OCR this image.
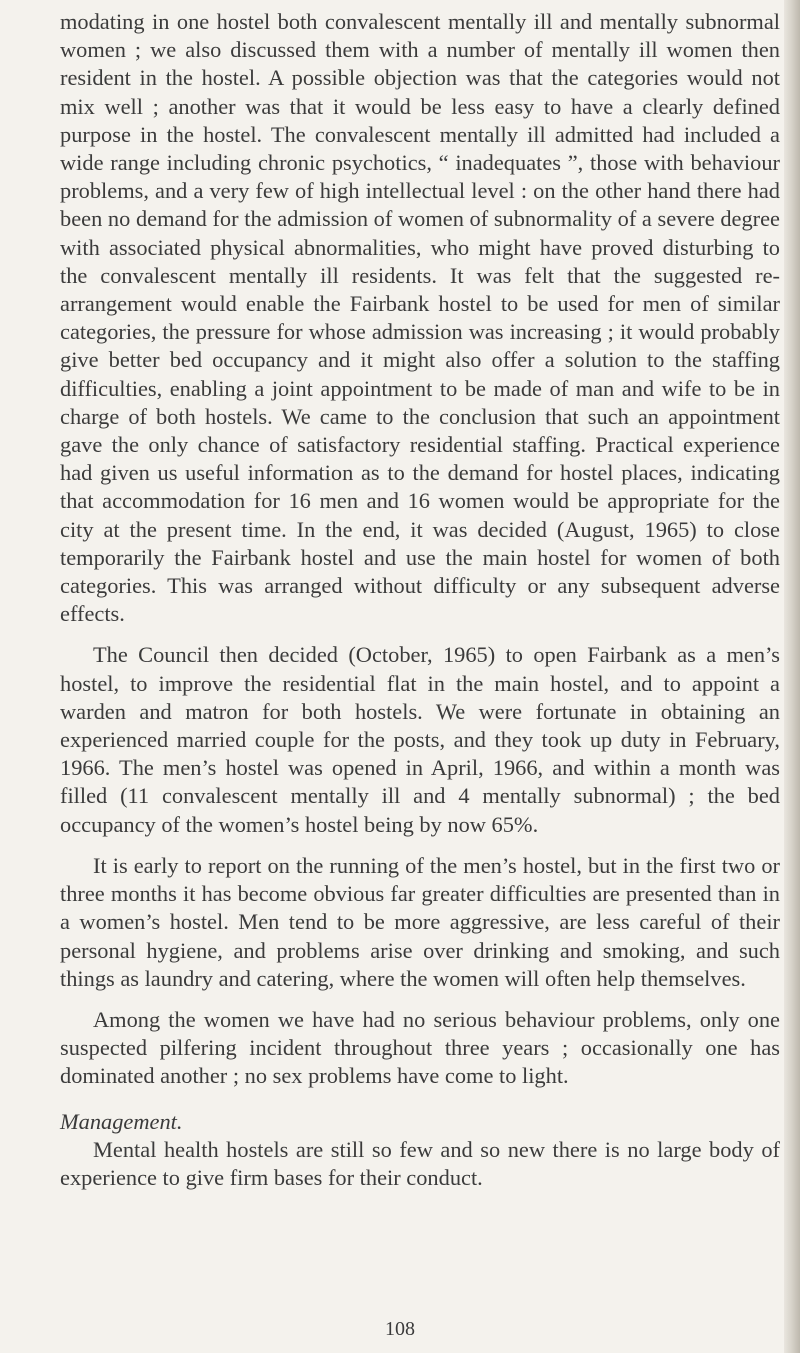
modating in one hostel both convalescent mentally ill and mentally subnormal women ; we also discussed them with a number of mentally ill women then resident in the hostel. A possible objection was that the categories would not mix well ; another was that it would be less easy to have a clearly defined purpose in the hostel. The convalescent mentally ill admitted had included a wide range including chronic psychotics, “ inadequates ”, those with behaviour problems, and a very few of high intellectual level : on the other hand there had been no demand for the admission of women of subnormality of a severe degree with associated physical abnormalities, who might have proved disturbing to the convalescent mentally ill residents. It was felt that the suggested re-arrangement would enable the Fairbank hostel to be used for men of similar categories, the pressure for whose admission was increasing ; it would probably give better bed occupancy and it might also offer a solution to the staffing difficulties, enabling a joint appointment to be made of man and wife to be in charge of both hostels. We came to the conclusion that such an appointment gave the only chance of satisfactory residential staffing. Practical experience had given us useful information as to the demand for hostel places, indicating that accommodation for 16 men and 16 women would be appropriate for the city at the present time. In the end, it was decided (August, 1965) to close temporarily the Fairbank hostel and use the main hostel for women of both categories. This was arranged without difficulty or any subsequent adverse effects.

The Council then decided (October, 1965) to open Fairbank as a men’s hostel, to improve the residential flat in the main hostel, and to appoint a warden and matron for both hostels. We were fortunate in obtaining an experienced married couple for the posts, and they took up duty in February, 1966. The men’s hostel was opened in April, 1966, and within a month was filled (11 convalescent mentally ill and 4 mentally subnormal) ; the bed occupancy of the women’s hostel being by now 65%.

It is early to report on the running of the men’s hostel, but in the first two or three months it has become obvious far greater difficulties are presented than in a women’s hostel. Men tend to be more aggressive, are less careful of their personal hygiene, and problems arise over drinking and smoking, and such things as laundry and catering, where the women will often help themselves.

Among the women we have had no serious behaviour problems, only one suspected pilfering incident throughout three years ; occasionally one has dominated another ; no sex problems have come to light.

Management.

Mental health hostels are still so few and so new there is no large body of experience to give firm bases for their conduct.

108
